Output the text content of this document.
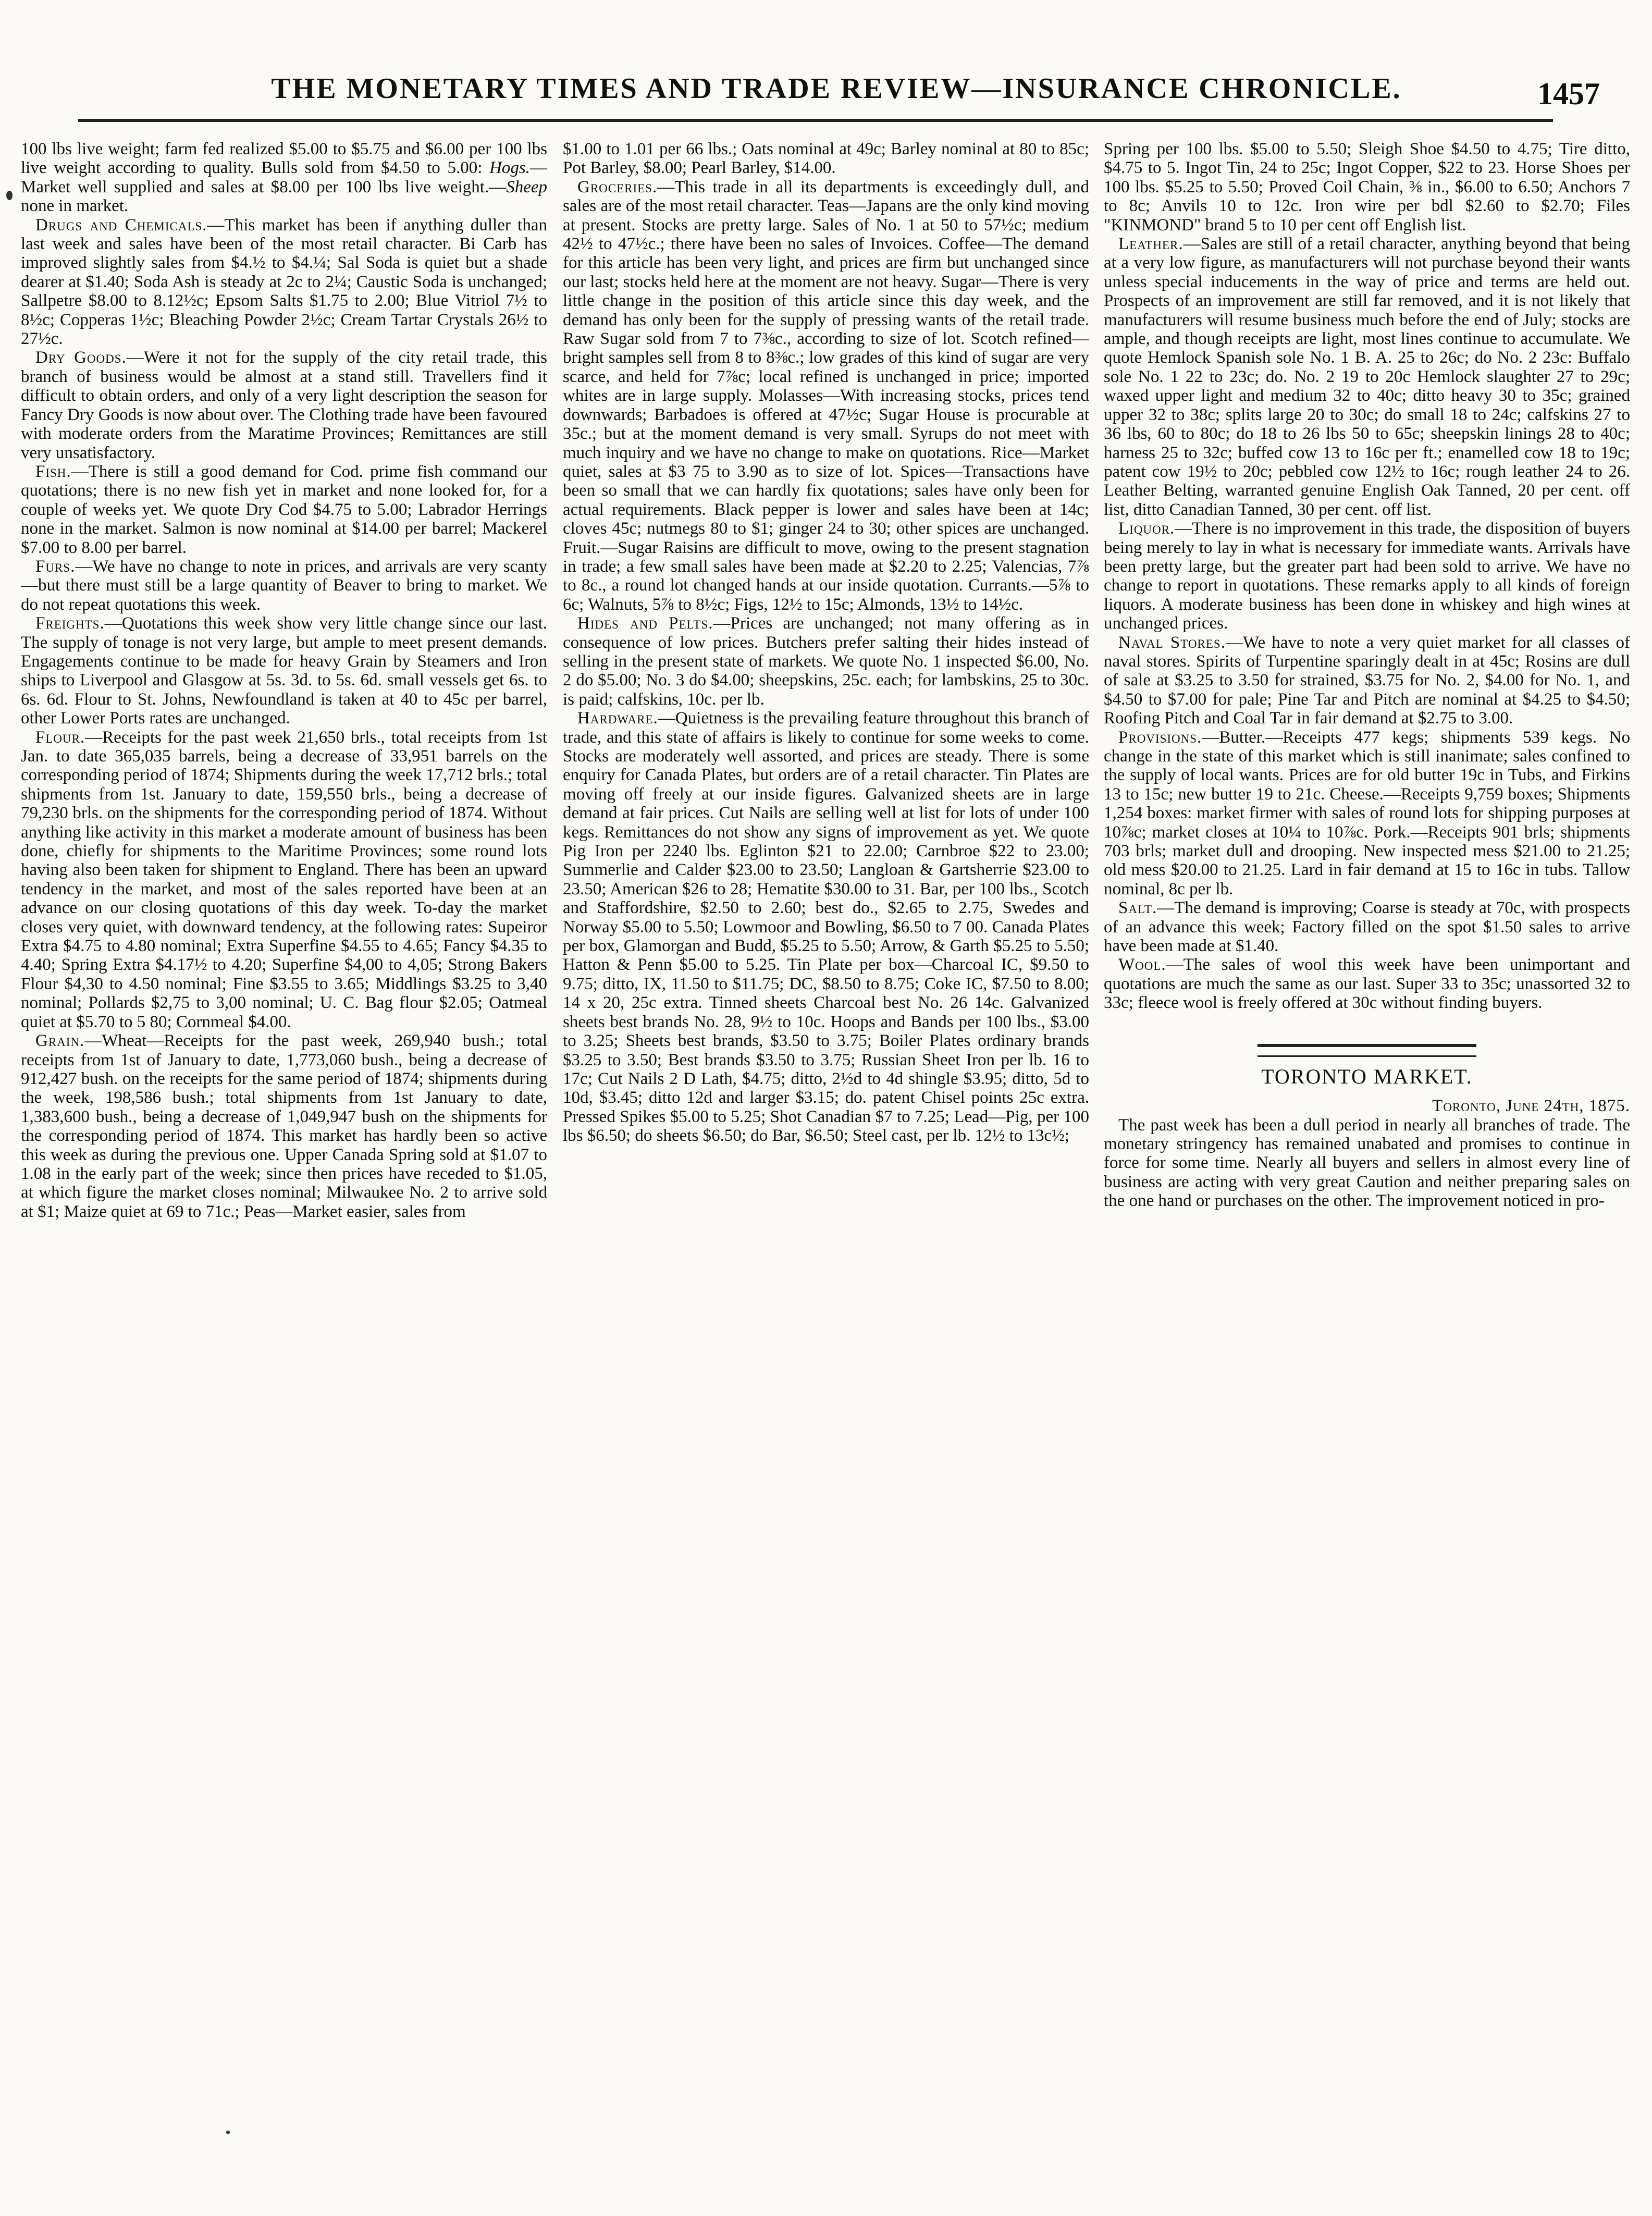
THE MONETARY TIMES AND TRADE REVIEW—INSURANCE CHRONICLE.	1457

100 lbs live weight; farm fed realized $5.00 to $5.75 and $6.00 per 100 lbs live weight according to quality. Bulls sold from $4.50 to 5.00: Hogs.—Market well supplied and sales at $8.00 per 100 lbs live weight.—Sheep none in market.

Drugs and Chemicals.—This market has been if anything duller than last week and sales have been of the most retail character. Bi Carb has improved slightly sales from $4.½ to $4.¼; Sal Soda is quiet but a shade dearer at $1.40; Soda Ash is steady at 2c to 2¼; Caustic Soda is unchanged; Sallpetre $8.00 to 8.12½c; Epsom Salts $1.75 to 2.00; Blue Vitriol 7½ to 8½c; Copperas 1½c; Bleaching Powder 2½c; Cream Tartar Crystals 26½ to 27½c.

Dry Goods.—Were it not for the supply of the city retail trade, this branch of business would be almost at a stand still. Travellers find it difficult to obtain orders, and only of a very light description the season for Fancy Dry Goods is now about over. The Clothing trade have been favoured with moderate orders from the Maratime Provinces; Remittances are still very unsatisfactory.

Fish.—There is still a good demand for Cod. prime fish command our quotations; there is no new fish yet in market and none looked for, for a couple of weeks yet. We quote Dry Cod $4.75 to 5.00; Labrador Herrings none in the market. Salmon is now nominal at $14.00 per barrel; Mackerel $7.00 to 8.00 per barrel.

Furs.—We have no change to note in prices, and arrivals are very scanty—but there must still be a large quantity of Beaver to bring to market. We do not repeat quotations this week.

Freights.—Quotations this week show very little change since our last. The supply of tonage is not very large, but ample to meet present demands. Engagements continue to be made for heavy Grain by Steamers and Iron ships to Liverpool and Glasgow at 5s. 3d. to 5s. 6d. small vessels get 6s. to 6s. 6d. Flour to St. Johns, Newfoundland is taken at 40 to 45c per barrel, other Lower Ports rates are unchanged.

Flour.—Receipts for the past week 21,650 brls., total receipts from 1st Jan. to date 365,035 barrels, being a decrease of 33,951 barrels on the corresponding period of 1874; Shipments during the week 17,712 brls.; total shipments from 1st. January to date, 159,550 brls., being a decrease of 79,230 brls. on the shipments for the corresponding period of 1874. Without anything like activity in this market a moderate amount of business has been done, chiefly for shipments to the Maritime Provinces; some round lots having also been taken for shipment to England. There has been an upward tendency in the market, and most of the sales reported have been at an advance on our closing quotations of this day week. To-day the market closes very quiet, with downward tendency, at the following rates: Supeiror Extra $4.75 to 4.80 nominal; Extra Superfine $4.55 to 4.65; Fancy $4.35 to 4.40; Spring Extra $4.17½ to 4.20; Superfine $4,00 to 4,05; Strong Bakers Flour $4,30 to 4.50 nominal; Fine $3.55 to 3.65; Middlings $3.25 to 3,40 nominal; Pollards $2,75 to 3,00 nominal; U. C. Bag flour $2.05; Oatmeal quiet at $5.70 to 5 80; Cornmeal $4.00.

Grain.—Wheat—Receipts for the past week, 269,940 bush.; total receipts from 1st of January to date, 1,773,060 bush., being a decrease of 912,427 bush. on the receipts for the same period of 1874; shipments during the week, 198,586 bush.; total shipments from 1st January to date, 1,383,600 bush., being a decrease of 1,049,947 bush on the shipments for the corresponding period of 1874. This market has hardly been so active this week as during the previous one. Upper Canada Spring sold at $1.07 to 1.08 in the early part of the week; since then prices have receded to $1.05, at which figure the market closes nominal; Milwaukee No. 2 to arrive sold at $1; Maize quiet at 69 to 71c.; Peas—Market easier, sales from

$1.00 to 1.01 per 66 lbs.; Oats nominal at 49c; Barley nominal at 80 to 85c; Pot Barley, $8.00; Pearl Barley, $14.00.

Groceries.—This trade in all its departments is exceedingly dull, and sales are of the most retail character. Teas—Japans are the only kind moving at present. Stocks are pretty large. Sales of No. 1 at 50 to 57½c; medium 42½ to 47½c.; there have been no sales of Invoices. Coffee—The demand for this article has been very light, and prices are firm but unchanged since our last; stocks held here at the moment are not heavy. Sugar—There is very little change in the position of this article since this day week, and the demand has only been for the supply of pressing wants of the retail trade. Raw Sugar sold from 7 to 7⅜c., according to size of lot. Scotch refined—bright samples sell from 8 to 8⅜c.; low grades of this kind of sugar are very scarce, and held for 7⅞c; local refined is unchanged in price; imported whites are in large supply. Molasses—With increasing stocks, prices tend downwards; Barbadoes is offered at 47½c; Sugar House is procurable at 35c.; but at the moment demand is very small. Syrups do not meet with much inquiry and we have no change to make on quotations. Rice—Market quiet, sales at $3 75 to 3.90 as to size of lot. Spices—Transactions have been so small that we can hardly fix quotations; sales have only been for actual requirements. Black pepper is lower and sales have been at 14c; cloves 45c; nutmegs 80 to $1; ginger 24 to 30; other spices are unchanged. Fruit.—Sugar Raisins are difficult to move, owing to the present stagnation in trade; a few small sales have been made at $2.20 to 2.25; Valencias, 7⅞ to 8c., a round lot changed hands at our inside quotation. Currants.—5⅞ to 6c; Walnuts, 5⅞ to 8½c; Figs, 12½ to 15c; Almonds, 13½ to 14½c.

Hides and Pelts.—Prices are unchanged; not many offering as in consequence of low prices. Butchers prefer salting their hides instead of selling in the present state of markets. We quote No. 1 inspected $6.00, No. 2 do $5.00; No. 3 do $4.00; sheepskins, 25c. each; for lambskins, 25 to 30c. is paid; calfskins, 10c. per lb.

Hardware.—Quietness is the prevailing feature throughout this branch of trade, and this state of affairs is likely to continue for some weeks to come. Stocks are moderately well assorted, and prices are steady. There is some enquiry for Canada Plates, but orders are of a retail character. Tin Plates are moving off freely at our inside figures. Galvanized sheets are in large demand at fair prices. Cut Nails are selling well at list for lots of under 100 kegs. Remittances do not show any signs of improvement as yet. We quote Pig Iron per 2240 lbs. Eglinton $21 to 22.00; Carnbroe $22 to 23.00; Summerlie and Calder $23.00 to 23.50; Langloan & Gartsherrie $23.00 to 23.50; American $26 to 28; Hematite $30.00 to 31. Bar, per 100 lbs., Scotch and Staffordshire, $2.50 to 2.60; best do., $2.65 to 2.75, Swedes and Norway $5.00 to 5.50; Lowmoor and Bowling, $6.50 to 7 00. Canada Plates per box, Glamorgan and Budd, $5.25 to 5.50; Arrow, & Garth $5.25 to 5.50; Hatton & Penn $5.00 to 5.25. Tin Plate per box—Charcoal IC, $9.50 to 9.75; ditto, IX, 11.50 to $11.75; DC, $8.50 to 8.75; Coke IC, $7.50 to 8.00; 14 x 20, 25c extra. Tinned sheets Charcoal best No. 26 14c. Galvanized sheets best brands No. 28, 9½ to 10c. Hoops and Bands per 100 lbs., $3.00 to 3.25; Sheets best brands, $3.50 to 3.75; Boiler Plates ordinary brands $3.25 to 3.50; Best brands $3.50 to 3.75; Russian Sheet Iron per lb. 16 to 17c; Cut Nails 2 D Lath, $4.75; ditto, 2½d to 4d shingle $3.95; ditto, 5d to 10d, $3.45; ditto 12d and larger $3.15; do. patent Chisel points 25c extra. Pressed Spikes $5.00 to 5.25; Shot Canadian $7 to 7.25; Lead—Pig, per 100 lbs $6.50; do sheets $6.50; do Bar, $6.50; Steel cast, per lb. 12½ to 13c½;

Spring per 100 lbs. $5.00 to 5.50; Sleigh Shoe $4.50 to 4.75; Tire ditto, $4.75 to 5. Ingot Tin, 24 to 25c; Ingot Copper, $22 to 23. Horse Shoes per 100 lbs. $5.25 to 5.50; Proved Coil Chain, ⅜ in., $6.00 to 6.50; Anchors 7 to 8c; Anvils 10 to 12c. Iron wire per bdl $2.60 to $2.70; Files "KINMOND" brand 5 to 10 per cent off English list.

Leather.—Sales are still of a retail character, anything beyond that being at a very low figure, as manufacturers will not purchase beyond their wants unless special inducements in the way of price and terms are held out. Prospects of an improvement are still far removed, and it is not likely that manufacturers will resume business much before the end of July; stocks are ample, and though receipts are light, most lines continue to accumulate. We quote Hemlock Spanish sole No. 1 B. A. 25 to 26c; do No. 2 23c: Buffalo sole No. 1 22 to 23c; do. No. 2 19 to 20c Hemlock slaughter 27 to 29c; waxed upper light and medium 32 to 40c; ditto heavy 30 to 35c; grained upper 32 to 38c; splits large 20 to 30c; do small 18 to 24c; calfskins 27 to 36 lbs, 60 to 80c; do 18 to 26 lbs 50 to 65c; sheepskin linings 28 to 40c; harness 25 to 32c; buffed cow 13 to 16c per ft.; enamelled cow 18 to 19c; patent cow 19½ to 20c; pebbled cow 12½ to 16c; rough leather 24 to 26. Leather Belting, warranted genuine English Oak Tanned, 20 per cent. off list, ditto Canadian Tanned, 30 per cent. off list.

Liquor.—There is no improvement in this trade, the disposition of buyers being merely to lay in what is necessary for immediate wants. Arrivals have been pretty large, but the greater part had been sold to arrive. We have no change to report in quotations. These remarks apply to all kinds of foreign liquors. A moderate business has been done in whiskey and high wines at unchanged prices.

Naval Stores.—We have to note a very quiet market for all classes of naval stores. Spirits of Turpentine sparingly dealt in at 45c; Rosins are dull of sale at $3.25 to 3.50 for strained, $3.75 for No. 2, $4.00 for No. 1, and $4.50 to $7.00 for pale; Pine Tar and Pitch are nominal at $4.25 to $4.50; Roofing Pitch and Coal Tar in fair demand at $2.75 to 3.00.

Provisions.—Butter.—Receipts 477 kegs; shipments 539 kegs. No change in the state of this market which is still inanimate; sales confined to the supply of local wants. Prices are for old butter 19c in Tubs, and Firkins 13 to 15c; new butter 19 to 21c. Cheese.—Receipts 9,759 boxes; Shipments 1,254 boxes: market firmer with sales of round lots for shipping purposes at 10⅞c; market closes at 10¼ to 10⅞c. Pork.—Receipts 901 brls; shipments 703 brls; market dull and drooping. New inspected mess $21.00 to 21.25; old mess $20.00 to 21.25. Lard in fair demand at 15 to 16c in tubs. Tallow nominal, 8c per lb.

Salt.—The demand is improving; Coarse is steady at 70c, with prospects of an advance this week; Factory filled on the spot $1.50 sales to arrive have been made at $1.40.

Wool.—The sales of wool this week have been unimportant and quotations are much the same as our last. Super 33 to 35c; unassorted 32 to 33c; fleece wool is freely offered at 30c without finding buyers.

TORONTO MARKET.

Toronto, June 24th, 1875.

The past week has been a dull period in nearly all branches of trade. The monetary stringency has remained unabated and promises to continue in force for some time. Nearly all buyers and sellers in almost every line of business are acting with very great Caution and neither preparing sales on the one hand or purchases on the other. The improvement noticed in pro-
